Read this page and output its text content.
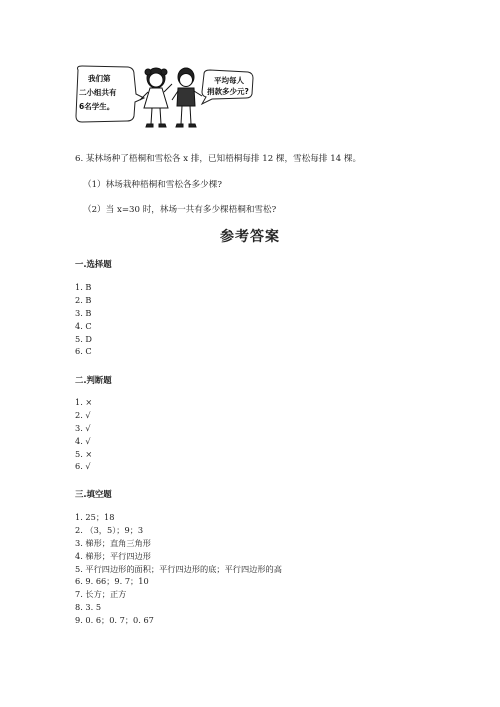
我们第
二小组共有
6名学生。
平均每人
捐款多少元?
6. 某林场种了梧桐和雪松各 x 排，已知梧桐每排 12 棵，雪松每排 14 棵。
（1）林场栽种梧桐和雪松各多少棵?
（2）当 x=30 时，林场一共有多少棵梧桐和雪松?
参考答案
一.选择题
1. B
2. B
3. B
4. C
5. D
6. C
二.判断题
1. ×
2. √
3. √
4. √
5. ×
6. √
三.填空题
1. 25；18
2. （3，5）；9；3
3. 梯形；直角三角形
4. 梯形；平行四边形
5. 平行四边形的面积；平行四边形的底；平行四边形的高
6. 9. 66；9. 7；10
7. 长方；正方
8. 3. 5
9. 0. 6；0. 7；0. 67
